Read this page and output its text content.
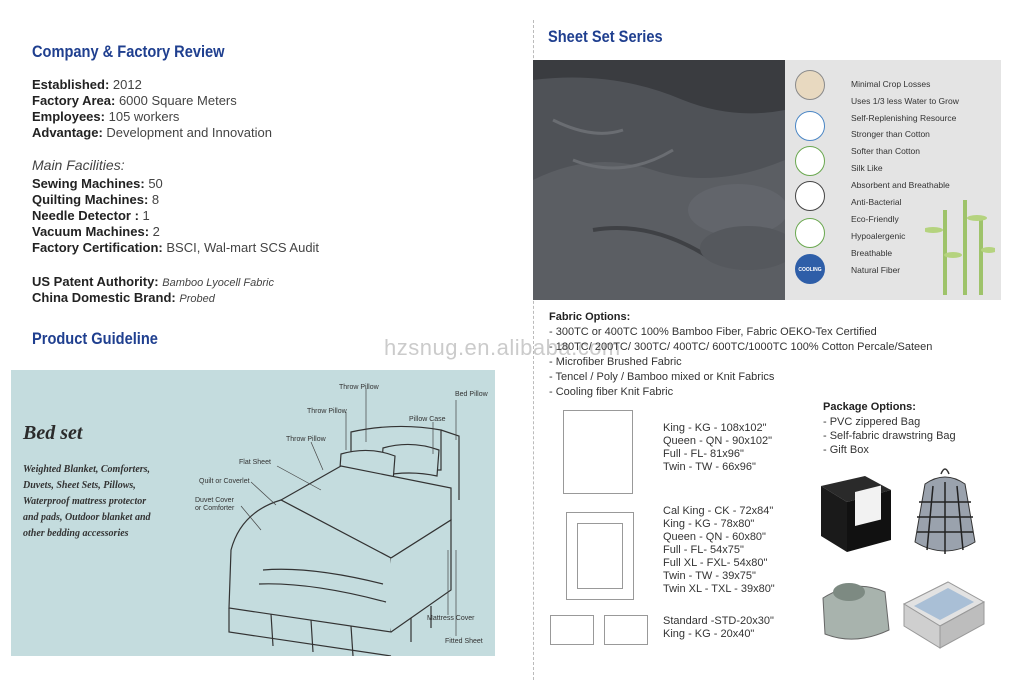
Company & Factory Review
Established: 2012
Factory Area: 6000 Square Meters
Employees: 105 workers
Advantage: Development and Innovation
Main Facilities:
Sewing Machines: 50
Quilting Machines: 8
Needle Detector : 1
Vacuum Machines: 2
Factory Certification: BSCI, Wal-mart SCS Audit
US Patent Authority: Bamboo Lyocell Fabric
China Domestic Brand: Probed
Product Guideline
Bed set
Weighted Blanket, Comforters,
Duvets, Sheet Sets, Pillows,
Waterproof mattress protector
and pads, Outdoor blanket and
other bedding accessories
Throw Pillow
Throw Pillow
Throw Pillow
Bed Pillow
Pillow Case
Flat Sheet
Quilt or Coverlet
Duvet Cover
or Comforter
Mattress Cover
Fitted Sheet
Sheet Set Series
COOLING
Minimal Crop Losses
Uses 1/3 less Water to Grow
Self-Replenishing Resource
Stronger than Cotton
Softer than Cotton
Silk Like
Absorbent and Breathable
Anti-Bacterial
Eco-Friendly
Hypoalergenic
Breathable
Natural Fiber
hzsnug.en.alibaba.com
Fabric Options:
- 300TC or 400TC 100% Bamboo Fiber, Fabric OEKO-Tex Certified
- 180TC/ 200TC/ 300TC/ 400TC/ 600TC/1000TC 100% Cotton Percale/Sateen
- Microfiber Brushed Fabric
- Tencel / Poly / Bamboo mixed or Knit Fabrics
- Cooling fiber Knit Fabric
King - KG - 108x102"
Queen - QN - 90x102"
Full - FL- 81x96"
Twin - TW - 66x96"
Cal King - CK - 72x84"
King - KG - 78x80"
Queen - QN - 60x80"
Full - FL- 54x75"
Full XL - FXL- 54x80"
Twin - TW - 39x75"
Twin XL - TXL - 39x80"
Standard -STD-20x30"
King - KG - 20x40"
Package Options:
- PVC zippered Bag
- Self-fabric drawstring Bag
- Gift Box
